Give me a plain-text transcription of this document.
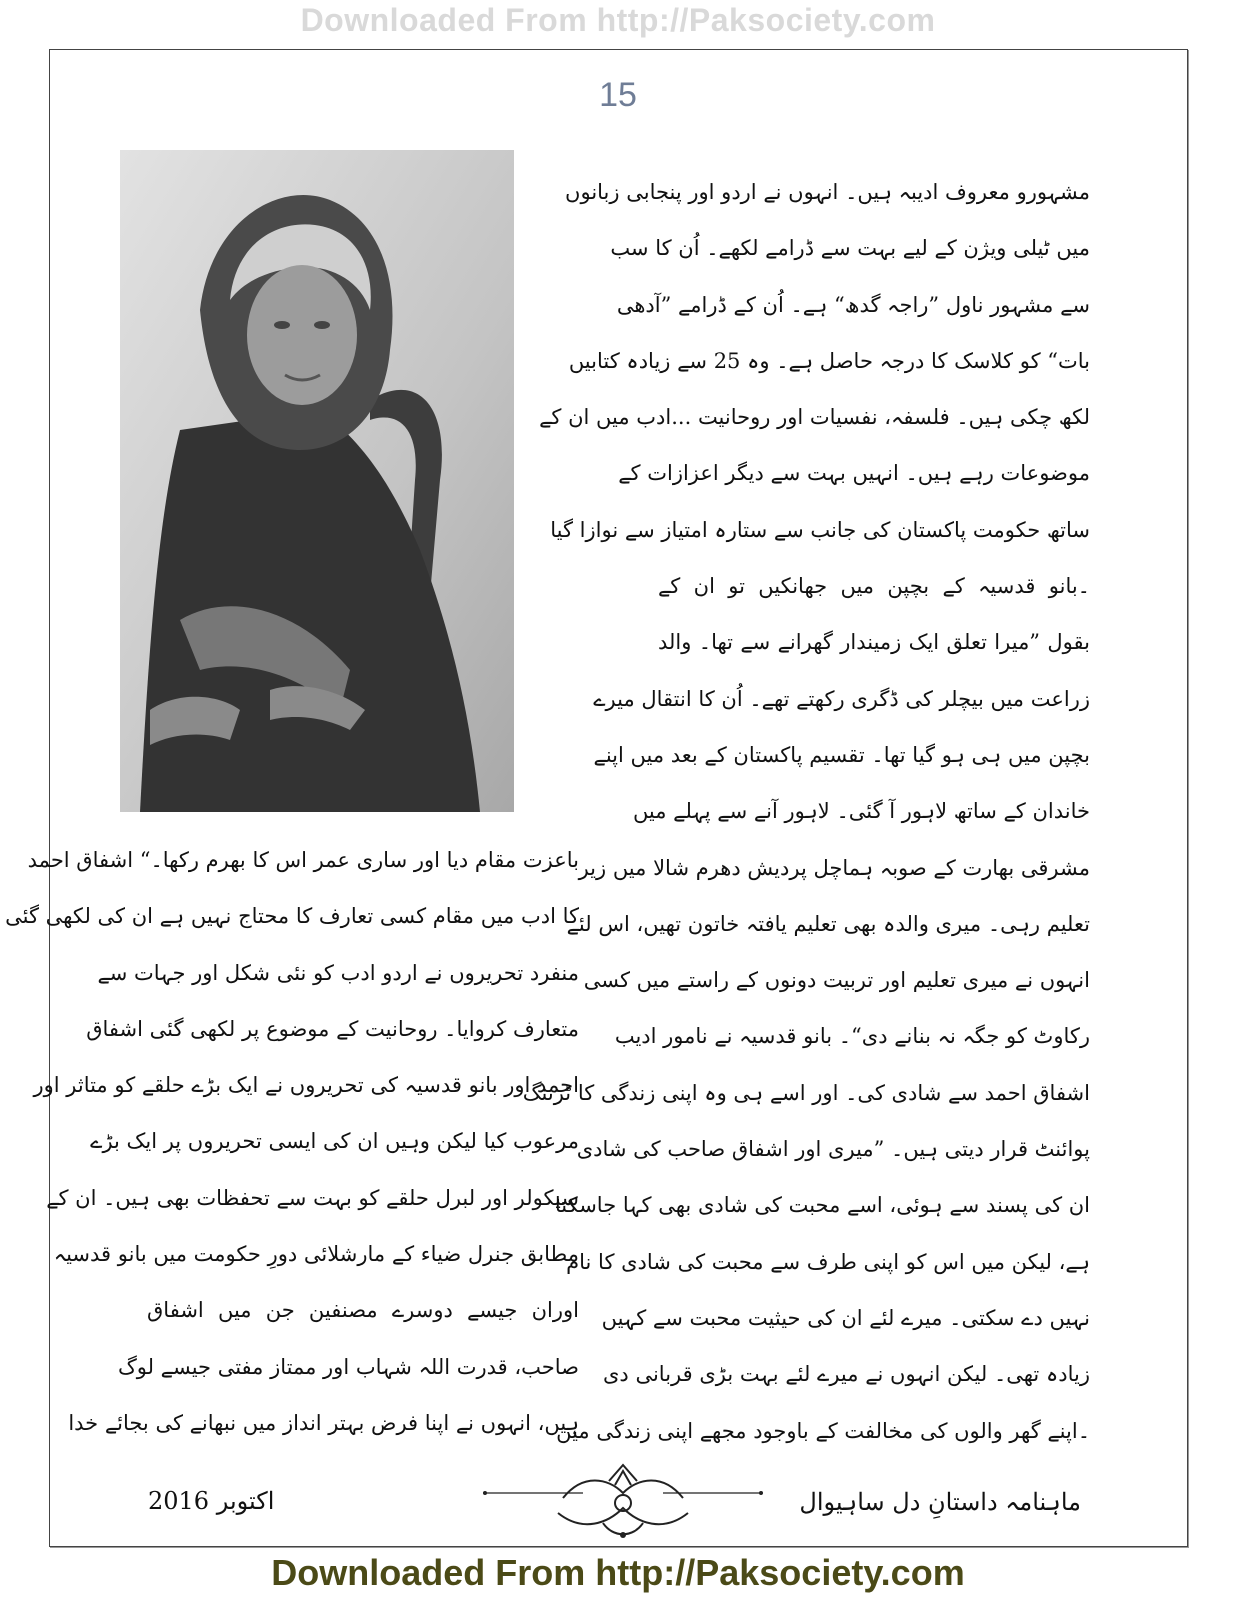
Downloaded From http://Paksociety.com
15
مشہورو معروف ادیبہ ہیں۔ انہوں نے اردو اور پنجابی زبانوں
میں ٹیلی ویژن کے لیے بہت سے ڈرامے لکھے۔ اُن کا سب
سے مشہور ناول ”راجہ گدھ“ ہے۔ اُن کے ڈرامے ”آدھی
بات“ کو کلاسک کا درجہ حاصل ہے۔ وہ 25 سے زیادہ کتابیں
لکھ چکی ہیں۔ فلسفہ، نفسیات اور روحانیت ...ادب میں ان کے
موضوعات رہے ہیں۔ انہیں بہت سے دیگر اعزازات کے
ساتھ حکومت پاکستان کی جانب سے ستارہ امتیاز سے نوازا گیا
۔بانو قدسیہ کے بچپن میں جھانکیں تو ان کے
بقول ”میرا تعلق ایک زمیندار گھرانے سے تھا۔ والد
زراعت میں بیچلر کی ڈگری رکھتے تھے۔ اُن کا انتقال میرے
بچپن میں ہی ہو گیا تھا۔ تقسیم پاکستان کے بعد میں اپنے
خاندان کے ساتھ لاہور آ گئی۔ لاہور آنے سے پہلے میں
مشرقی بھارت کے صوبہ ہماچل پردیش دھرم شالا میں زیر
تعلیم رہی۔ میری والدہ بھی تعلیم یافتہ خاتون تھیں، اس لئے
انہوں نے میری تعلیم اور تربیت دونوں کے راستے میں کسی
رکاوٹ کو جگہ نہ بنانے دی“۔ بانو قدسیہ نے نامور ادیب
اشفاق احمد سے شادی کی۔ اور اسے ہی وہ اپنی زندگی کا ٹرننگ
پوائنٹ قرار دیتی ہیں۔ ”میری اور اشفاق صاحب کی شادی
ان کی پسند سے ہوئی، اسے محبت کی شادی بھی کہا جاسکتا
ہے، لیکن میں اس کو اپنی طرف سے محبت کی شادی کا نام
نہیں دے سکتی۔ میرے لئے ان کی حیثیت محبت سے کہیں
زیادہ تھی۔ لیکن انہوں نے میرے لئے بہت بڑی قربانی دی
۔اپنے گھر والوں کی مخالفت کے باوجود مجھے اپنی زندگی میں
باعزت مقام دیا اور ساری عمر اس کا بھرم رکھا۔“ اشفاق احمد
کا ادب میں مقام کسی تعارف کا محتاج نہیں ہے ان کی لکھی گئی
منفرد تحریروں نے اردو ادب کو نئی شکل اور جہات سے
متعارف کروایا۔ روحانیت کے موضوع پر لکھی گئی اشفاق
احمد اور بانو قدسیہ کی تحریروں نے ایک بڑے حلقے کو متاثر اور
مرعوب کیا لیکن وہیں ان کی ایسی تحریروں پر ایک بڑے
سیکولر اور لبرل حلقے کو بہت سے تحفظات بھی ہیں۔ ان کے
مطابق جنرل ضیاء کے مارشلائی دورِ حکومت میں بانو قدسیہ
اوران جیسے دوسرے مصنفین جن میں اشفاق
صاحب، قدرت اللہ شہاب اور ممتاز مفتی جیسے لوگ
ہیں، انہوں نے اپنا فرض بہتر انداز میں نبھانے کی بجائے خدا
اکتوبر 2016	ماہنامہ داستانِ دل ساہیوال
Downloaded From http://Paksociety.com
